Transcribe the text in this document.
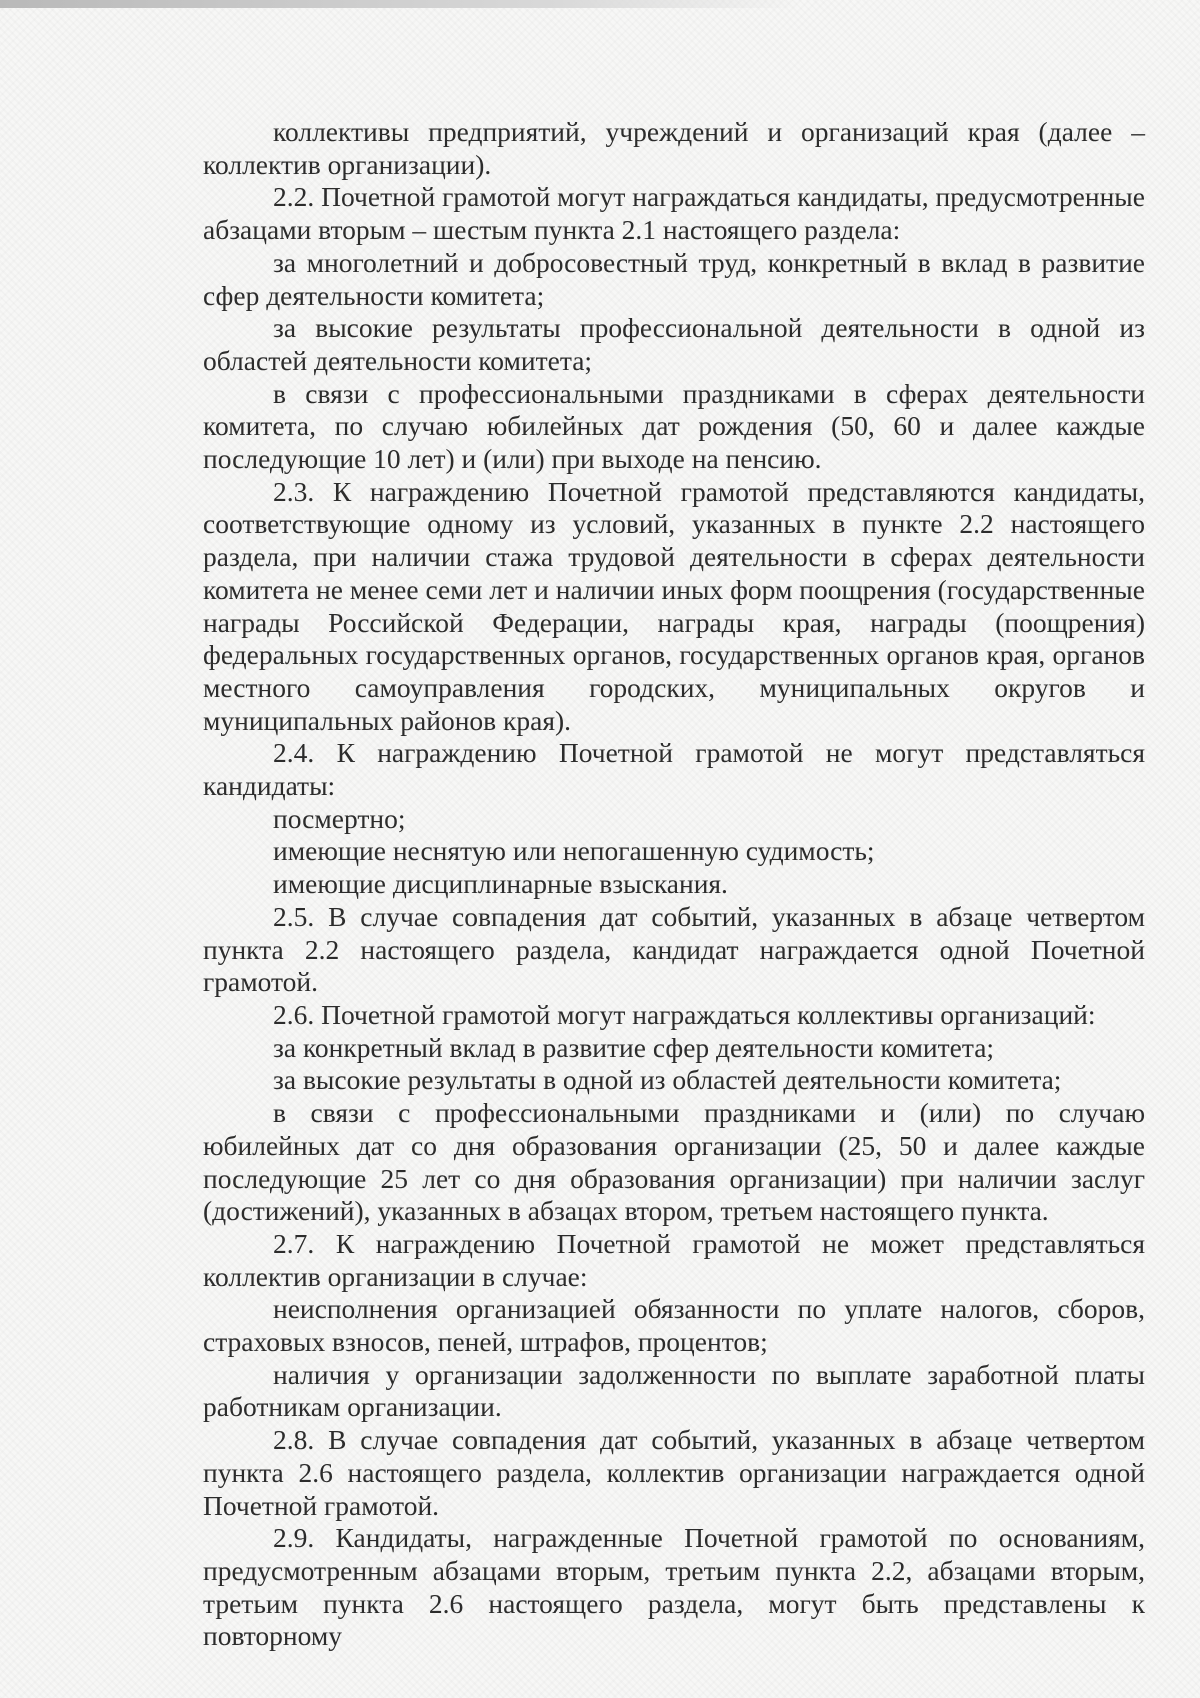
коллективы предприятий, учреждений и организаций края (далее – коллектив организации).

2.2. Почетной грамотой могут награждаться кандидаты, предусмотренные абзацами вторым – шестым пункта 2.1 настоящего раздела:

за многолетний и добросовестный труд, конкретный в вклад в развитие сфер деятельности комитета;

за высокие результаты профессиональной деятельности в одной из областей деятельности комитета;

в связи с профессиональными праздниками в сферах деятельности комитета, по случаю юбилейных дат рождения (50, 60 и далее каждые последующие 10 лет) и (или) при выходе на пенсию.

2.3. К награждению Почетной грамотой представляются кандидаты, соответствующие одному из условий, указанных в пункте 2.2 настоящего раздела, при наличии стажа трудовой деятельности в сферах деятельности комитета не менее семи лет и наличии иных форм поощрения (государственные награды Российской Федерации, награды края, награды (поощрения) федеральных государственных органов, государственных органов края, органов местного самоуправления городских, муниципальных округов и муниципальных районов края).

2.4. К награждению Почетной грамотой не могут представляться кандидаты:

посмертно;

имеющие неснятую или непогашенную судимость;

имеющие дисциплинарные взыскания.

2.5. В случае совпадения дат событий, указанных в абзаце четвертом пункта 2.2 настоящего раздела, кандидат награждается одной Почетной грамотой.

2.6. Почетной грамотой могут награждаться коллективы организаций:

за конкретный вклад в развитие сфер деятельности комитета;

за высокие результаты в одной из областей деятельности комитета;

в связи с профессиональными праздниками и (или) по случаю юбилейных дат со дня образования организации (25, 50 и далее каждые последующие 25 лет со дня образования организации) при наличии заслуг (достижений), указанных в абзацах втором, третьем настоящего пункта.

2.7. К награждению Почетной грамотой не может представляться коллектив организации в случае:

неисполнения организацией обязанности по уплате налогов, сборов, страховых взносов, пеней, штрафов, процентов;

наличия у организации задолженности по выплате заработной платы работникам организации.

2.8. В случае совпадения дат событий, указанных в абзаце четвертом пункта 2.6 настоящего раздела, коллектив организации награждается одной Почетной грамотой.

2.9. Кандидаты, награжденные Почетной грамотой по основаниям, предусмотренным абзацами вторым, третьим пункта 2.2, абзацами вторым, третьим пункта 2.6 настоящего раздела, могут быть представлены к повторному
